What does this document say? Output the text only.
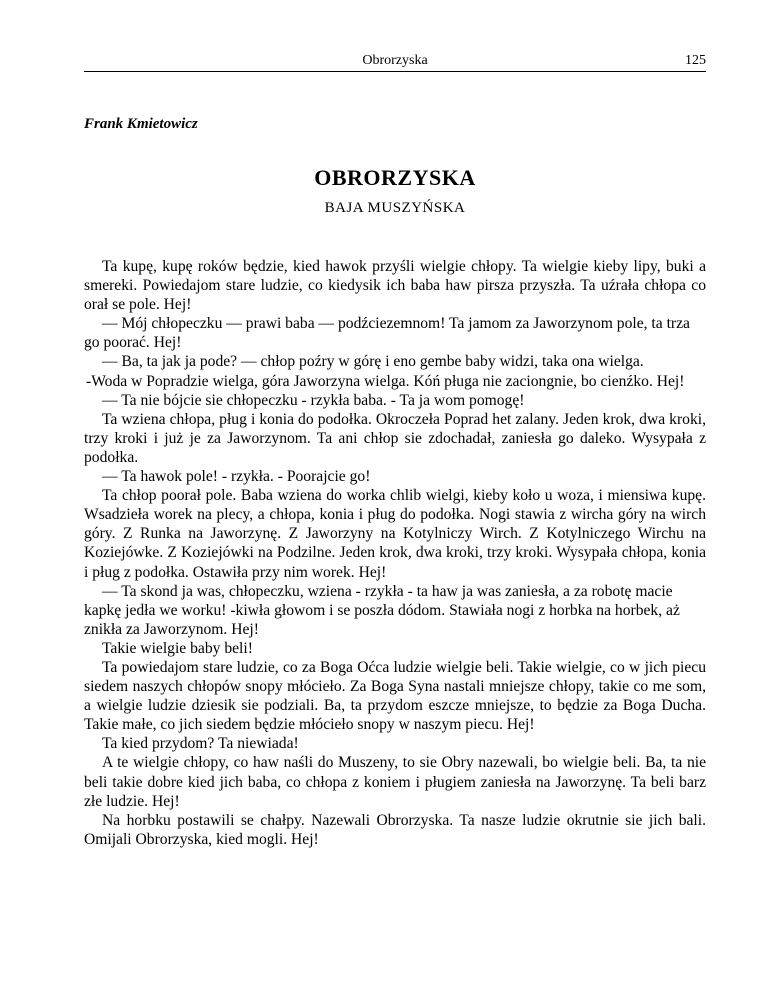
Obrorzyska	125
Frank Kmietowicz
OBRORZYSKA
BAJA MUSZYŃSKA

Ta kupę, kupę roków będzie, kied hawok przyśli wielgie chłopy. Ta wielgie kieby lipy, buki a smereki. Powiedajom stare ludzie, co kiedysik ich baba haw pirsza przyszła. Ta uźrała chłopa co orał se pole. Hej!

— Mój chłopeczku — prawi baba — podźciezemnom! Ta jamom za Jaworzynom pole, ta trza go poorać. Hej!

— Ba, ta jak ja pode? — chłop poźry w górę i eno gembe baby widzi, taka ona wielga.

-Woda w Popradzie wielga, góra Jaworzyna wielga. Kóń pługa nie zaciongnie, bo cienźko. Hej!

— Ta nie bójcie sie chłopeczku - rzykła baba. - Ta ja wom pomogę!

Ta wziena chłopa, pług i konia do podołka. Okroczeła Poprad het zalany. Jeden krok, dwa kroki, trzy kroki i już je za Jaworzynom. Ta ani chłop sie zdochadał, zaniesła go daleko. Wysypała z podołka.

— Ta hawok pole! - rzykła. - Poorajcie go!

Ta chłop poorał pole. Baba wziena do worka chlib wielgi, kieby koło u woza, i miensiwa kupę. Wsadzieła worek na plecy, a chłopa, konia i pług do podołka. Nogi stawia z wircha góry na wirch góry. Z Runka na Jaworzynę. Z Jaworzyny na Kotylniczy Wirch. Z Kotylniczego Wirchu na Koziejówke. Z Koziejówki na Podzilne. Jeden krok, dwa kroki, trzy kroki. Wysypała chłopa, konia i pług z podołka. Ostawiła przy nim worek. Hej!

— Ta skond ja was, chłopeczku, wziena - rzykła - ta haw ja was zaniesła, a za robotę macie kapkę jedła we worku! -kiwła głowom i se poszła dódom. Stawiała nogi z horbka na horbek, aż znikła za Jaworzynom. Hej!

Takie wielgie baby beli!

Ta powiedajom stare ludzie, co za Boga Oćca ludzie wielgie beli. Takie wielgie, co w jich piecu siedem naszych chłopów snopy młócieło. Za Boga Syna nastali mniejsze chłopy, takie co me som, a wielgie ludzie dziesik sie podziali. Ba, ta przydom eszcze mniejsze, to będzie za Boga Ducha. Takie małe, co jich siedem będzie młócieło snopy w naszym piecu. Hej!

Ta kied przydom? Ta niewiada!

A te wielgie chłopy, co haw naśli do Muszeny, to sie Obry nazewali, bo wielgie beli. Ba, ta nie beli takie dobre kied jich baba, co chłopa z koniem i pługiem zaniesła na Jaworzynę. Ta beli barz złe ludzie. Hej!

Na horbku postawili se chałpy. Nazewali Obrorzyska. Ta nasze ludzie okrutnie sie jich bali. Omijali Obrorzyska, kied mogli. Hej!
